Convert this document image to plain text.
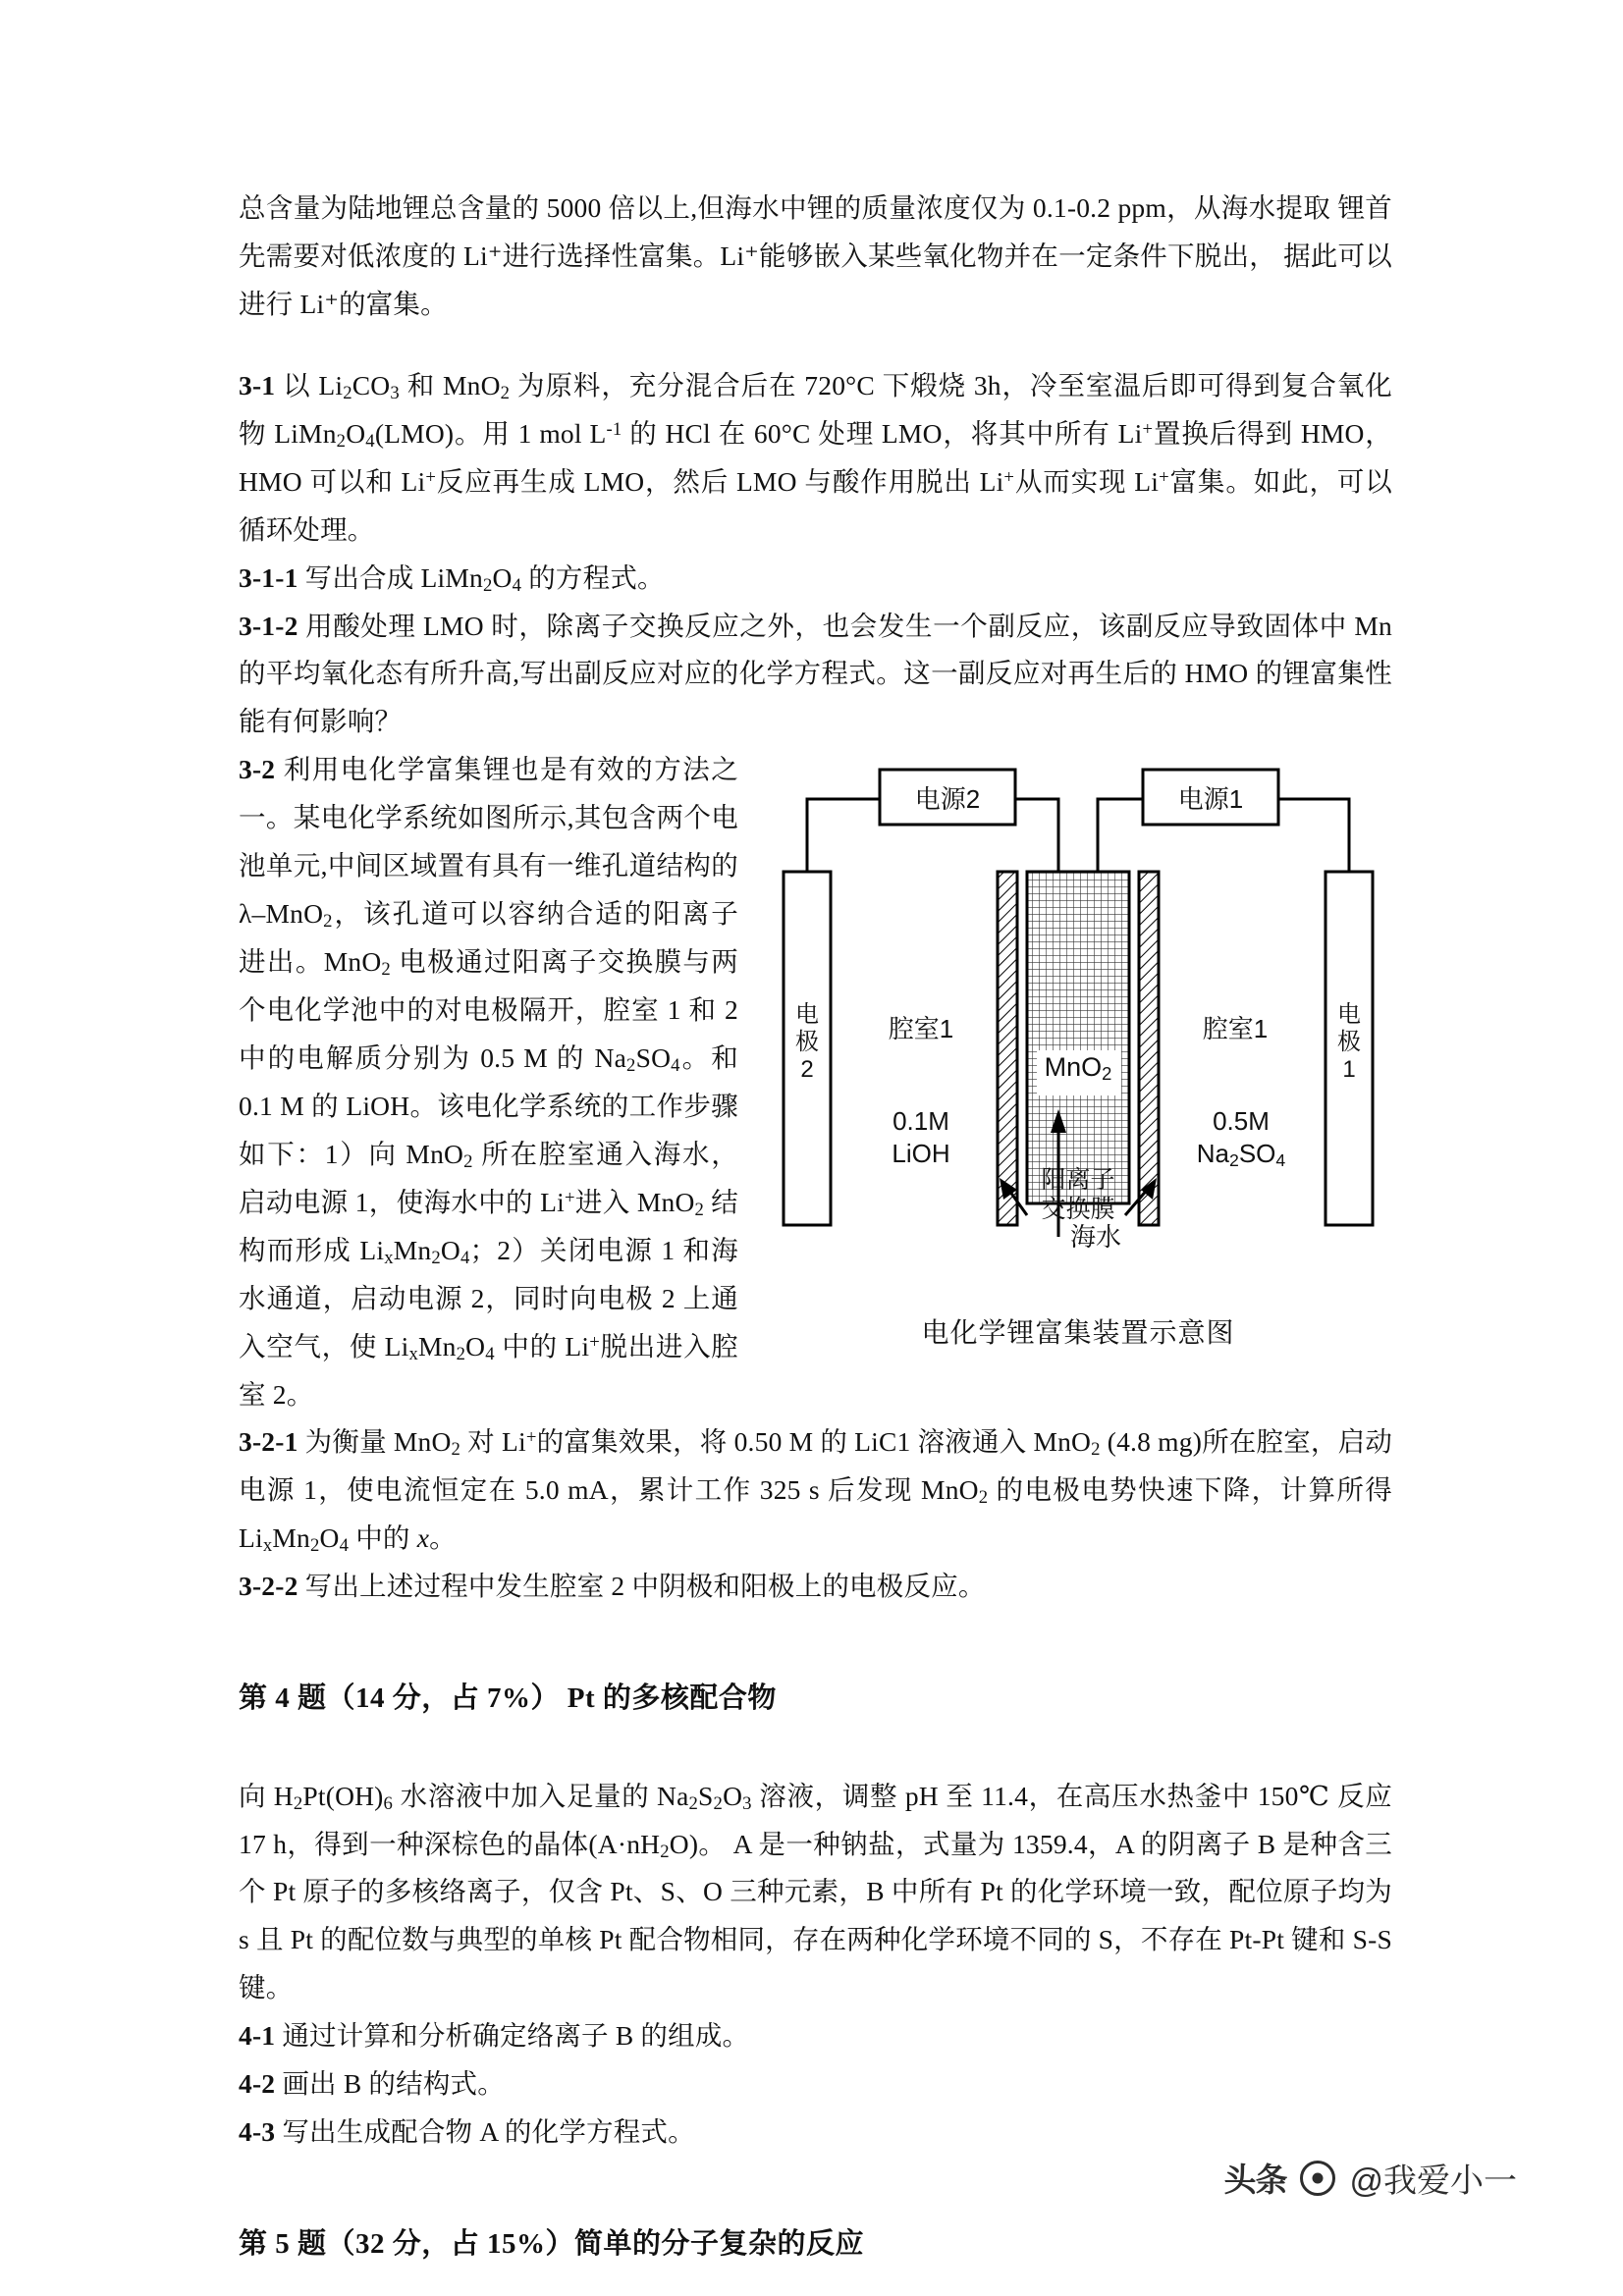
总含量为陆地锂总含量的 5000 倍以上,但海水中锂的质量浓度仅为 0.1-0.2 ppm，从海水提取 锂首先需要对低浓度的 Li⁺进行选择性富集。Li⁺能够嵌入某些氧化物并在一定条件下脱出， 据此可以进行 Li⁺的富集。
3-1 以 $Li_2CO_3$ 和 MnO$_2$ 为原料，充分混合后在 720°C 下煅烧 3h，冷至室温后即可得到复合氧化物 $LiMn_2O_4(LMO)$。用 1 mol $L^{-1}$ 的 HCl 在 60°C 处理 LMO，将其中所有 Li+置换后得到 HMO，HMO 可以和 Li+反应再生成 LMO，然后 LMO 与酸作用脱出 Li+从而实现 Li+富集。如此，可以循环处理。
3-1-1 写出合成 $LiMn_2O_4$ 的方程式。
3-1-2 用酸处理 LMO 时，除离子交换反应之外，也会发生一个副反应，该副反应导致固体中 Mn 的平均氧化态有所升高,写出副反应对应的化学方程式。这一副反应对再生后的 HMO 的锂富集性能有何影响？
电源2	电源1
电
极
2
电
极
1
腔室1	腔室1
MnO$_2$
0.1M
LiOH
0.5M
$Na_2SO_4$
阳离子
交换膜
海水
电化学锂富集装置示意图
3-2 利用电化学富集锂也是有效的方法之一。某电化学系统如图所示,其包含两个电池单元,中间区域置有具有一维孔道结构的λ–MnO$_2$，该孔道可以容纳合适的阳离子进出。MnO$_2$ 电极通过阳离子交换膜与两个电化学池中的对电极隔开，腔室 1 和 2 中的电解质分别为 0.5 M 的 $Na_2SO_4$。和 0.1 M 的 LiOH。该电化学系统的工作步骤如下：1）向 MnO$_2$ 所在腔室通入海水，启动电源 1，使海水中的 Li+进入 MnO$_2$ 结构而形成 $Li_xMn_2O_4$；2）关闭电源 1 和海水通道，启动电源 2，同时向电极 2 上通入空气，使 $Li_xMn_2O_4$ 中的 Li+脱出进入腔室 2。
3-2-1 为衡量 MnO$_2$ 对 Li+的富集效果，将 0.50 M 的 LiC1 溶液通入 MnO$_2$ (4.8 mg)所在腔室，启动电源 1，使电流恒定在 5.0 mA，累计工作 325 s 后发现 MnO$_2$ 的电极电势快速下降，计算所得 $Li_xMn_2O_4$ 中的 x。
3-2-2 写出上述过程中发生腔室 2 中阴极和阳极上的电极反应。
第 4 题（14 分，占 7%） Pt 的多核配合物
向 $H_2Pt(OH)_6$ 水溶液中加入足量的 $Na_2S_2O_3$ 溶液，调整 pH 至 11.4，在高压水热釜中 150℃ 反应 17 h，得到一种深棕色的晶体$(A\cdot nH_2O)$。 A 是一种钠盐，式量为 1359.4，A 的阴离子 B 是种含三个 Pt 原子的多核络离子，仅含 Pt、S、O 三种元素，B 中所有 Pt 的化学环境一致，配位原子均为 s 且 Pt 的配位数与典型的单核 Pt 配合物相同，存在两种化学环境不同的 S，不存在 Pt-Pt 键和 S-S 键。
4-1 通过计算和分析确定络离子 B 的组成。
4-2 画出 B 的结构式。
4-3 写出生成配合物 A 的化学方程式。
第 5 题（32 分，占 15%）简单的分子复杂的反应
头条 @我爱小一
